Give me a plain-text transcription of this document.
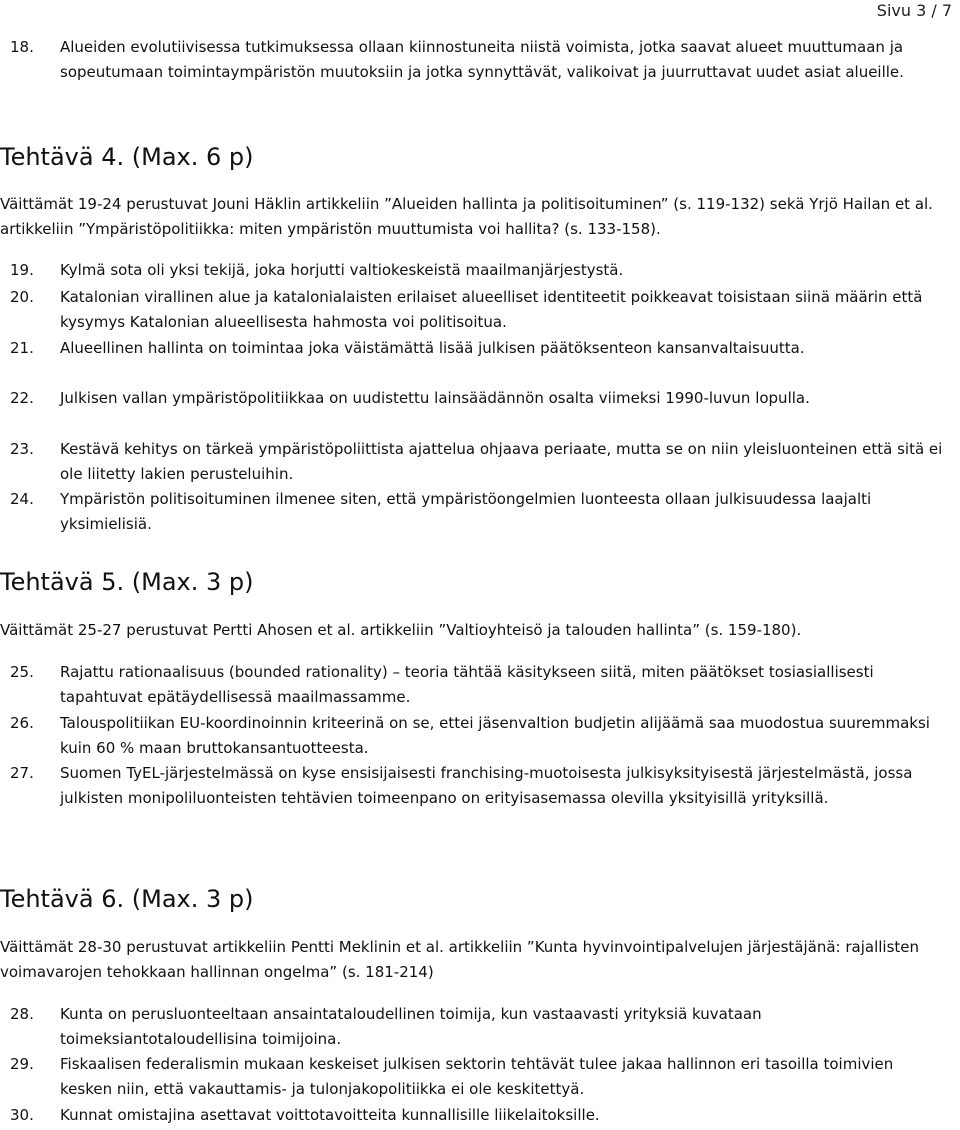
Sivu 3 / 7
18. Alueiden evolutiivisessa tutkimuksessa ollaan kiinnostuneita niistä voimista, jotka saavat alueet muuttumaan ja sopeutumaan toimintaympäristön muutoksiin ja jotka synnyttävät, valikoivat ja juurruttavat uudet asiat alueille.
Tehtävä 4. (Max. 6 p)

Väittämät 19-24 perustuvat Jouni Häklin artikkeliin ”Alueiden hallinta ja politisoituminen” (s. 119-132) sekä Yrjö Hailan et al. artikkeliin ”Ympäristöpolitiikka: miten ympäristön muuttumista voi hallita? (s. 133-158).

19. Kylmä sota oli yksi tekijä, joka horjutti valtiokeskeistä maailmanjärjestystä.
20. Katalonian virallinen alue ja katalonialaisten erilaiset alueelliset identiteetit poikkeavat toisistaan siinä määrin että kysymys Katalonian alueellisesta hahmosta voi politisoitua.
21. Alueellinen hallinta on toimintaa joka väistämättä lisää julkisen päätöksenteon kansanvaltaisuutta.
22. Julkisen vallan ympäristöpolitiikkaa on uudistettu lainsäädännön osalta viimeksi 1990-luvun lopulla.
23. Kestävä kehitys on tärkeä ympäristöpoliittista ajattelua ohjaava periaate, mutta se on niin yleisluonteinen että sitä ei ole liitetty lakien perusteluihin.
24. Ympäristön politisoituminen ilmenee siten, että ympäristöongelmien luonteesta ollaan julkisuudessa laajalti yksimielisiä.
Tehtävä 5. (Max. 3 p)

Väittämät 25-27 perustuvat Pertti Ahosen et al. artikkeliin ”Valtioyhteisö ja talouden hallinta” (s. 159-180).

25. Rajattu rationaalisuus (bounded rationality) – teoria tähtää käsitykseen siitä, miten päätökset tosiasiallisesti tapahtuvat epätäydellisessä maailmassamme.
26. Talouspolitiikan EU-koordinoinnin kriteerinä on se, ettei jäsenvaltion budjetin alijäämä saa muodostua suuremmaksi kuin 60 % maan bruttokansantuotteesta.
27. Suomen TyEL-järjestelmässä on kyse ensisijaisesti franchising-muotoisesta julkisyksityisestä järjestelmästä, jossa julkisten monipoliluonteisten tehtävien toimeenpano on erityisasemassa olevilla yksityisillä yrityksillä.
Tehtävä 6. (Max. 3 p)

Väittämät 28-30 perustuvat artikkeliin Pentti Meklinin et al. artikkeliin ”Kunta hyvinvointipalvelujen järjestäjänä: rajallisten voimavarojen tehokkaan hallinnan ongelma” (s. 181-214)

28. Kunta on perusluonteeltaan ansaintataloudellinen toimija, kun vastaavasti yrityksiä kuvataan toimeksiantotaloudellisina toimijoina.
29. Fiskaalisen federalismin mukaan keskeiset julkisen sektorin tehtävät tulee jakaa hallinnon eri tasoilla toimivien kesken niin, että vakauttamis- ja tulonjakopolitiikka ei ole keskitettyä.
30. Kunnat omistajina asettavat voittotavoitteita kunnallisille liikelaitoksille.
